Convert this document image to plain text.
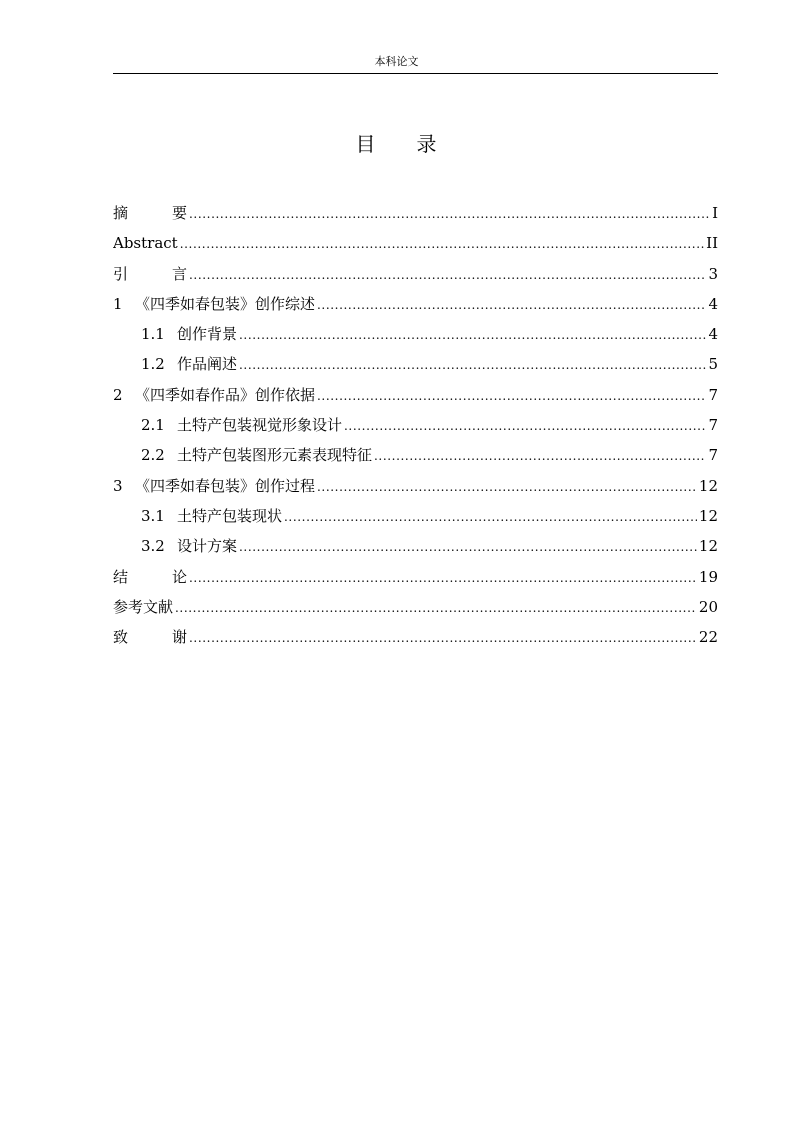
本科论文
目 录
摘要 .....	I
Abstract .....	II
引言 .....	3
1 《四季如春包装》创作综述 .....	4
1.1 创作背景 .....	4
1.2 作品阐述 .....	5
2 《四季如春作品》创作依据 .....	7
2.1 土特产包装视觉形象设计 .....	7
2.2 土特产包装图形元素表现特征 .....	7
3 《四季如春包装》创作过程 .....	12
3.1 土特产包装现状 .....	12
3.2 设计方案 .....	12
结论 .....	19
参考文献 .....	20
致谢 .....	22
